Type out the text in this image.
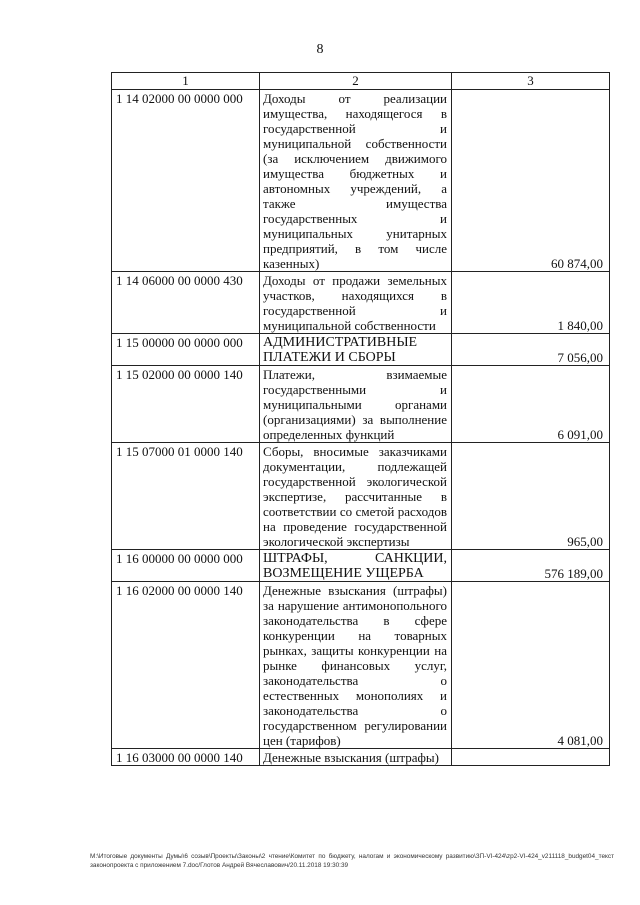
8
1	2	3
1 14 02000 00 0000 000	Доходы от реализации имущества, находящегося в государственной и муниципальной собственности (за исключением движимого имущества бюджетных и автономных учреждений, а также имущества государственных и муниципальных унитарных предприятий, в том числе казенных)	60 874,00
1 14 06000 00 0000 430	Доходы от продажи земельных участков, находящихся в государственной и муниципальной собственности	1 840,00
1 15 00000 00 0000 000	АДМИНИСТРАТИВНЫЕ ПЛАТЕЖИ И СБОРЫ	7 056,00
1 15 02000 00 0000 140	Платежи, взимаемые государственными и муниципальными органами (организациями) за выполнение определенных функций	6 091,00
1 15 07000 01 0000 140	Сборы, вносимые заказчиками документации, подлежащей государственной экологической экспертизе, рассчитанные в соответствии со сметой расходов на проведение государственной экологической экспертизы	965,00
1 16 00000 00 0000 000	ШТРАФЫ, САНКЦИИ, ВОЗМЕЩЕНИЕ УЩЕРБА	576 189,00
1 16 02000 00 0000 140	Денежные взыскания (штрафы) за нарушение антимонопольного законодательства в сфере конкуренции на товарных рынках, защиты конкуренции на рынке финансовых услуг, законодательства о естественных монополиях и законодательства о государственном регулировании цен (тарифов)	4 081,00
1 16 03000 00 0000 140	Денежные взыскания (штрафы)	
M:\Итоговые документы Думы\6 созыв\Проекты\Законы\2 чтение\Комитет по бюджету, налогам и экономическому развитию\ЗП-VI-424\zp2-VI-424_v211118_budget04_текст законопроекта с приложением 7.doc/Глотов Андрей Вячеславович/20.11.2018 19:30:39
